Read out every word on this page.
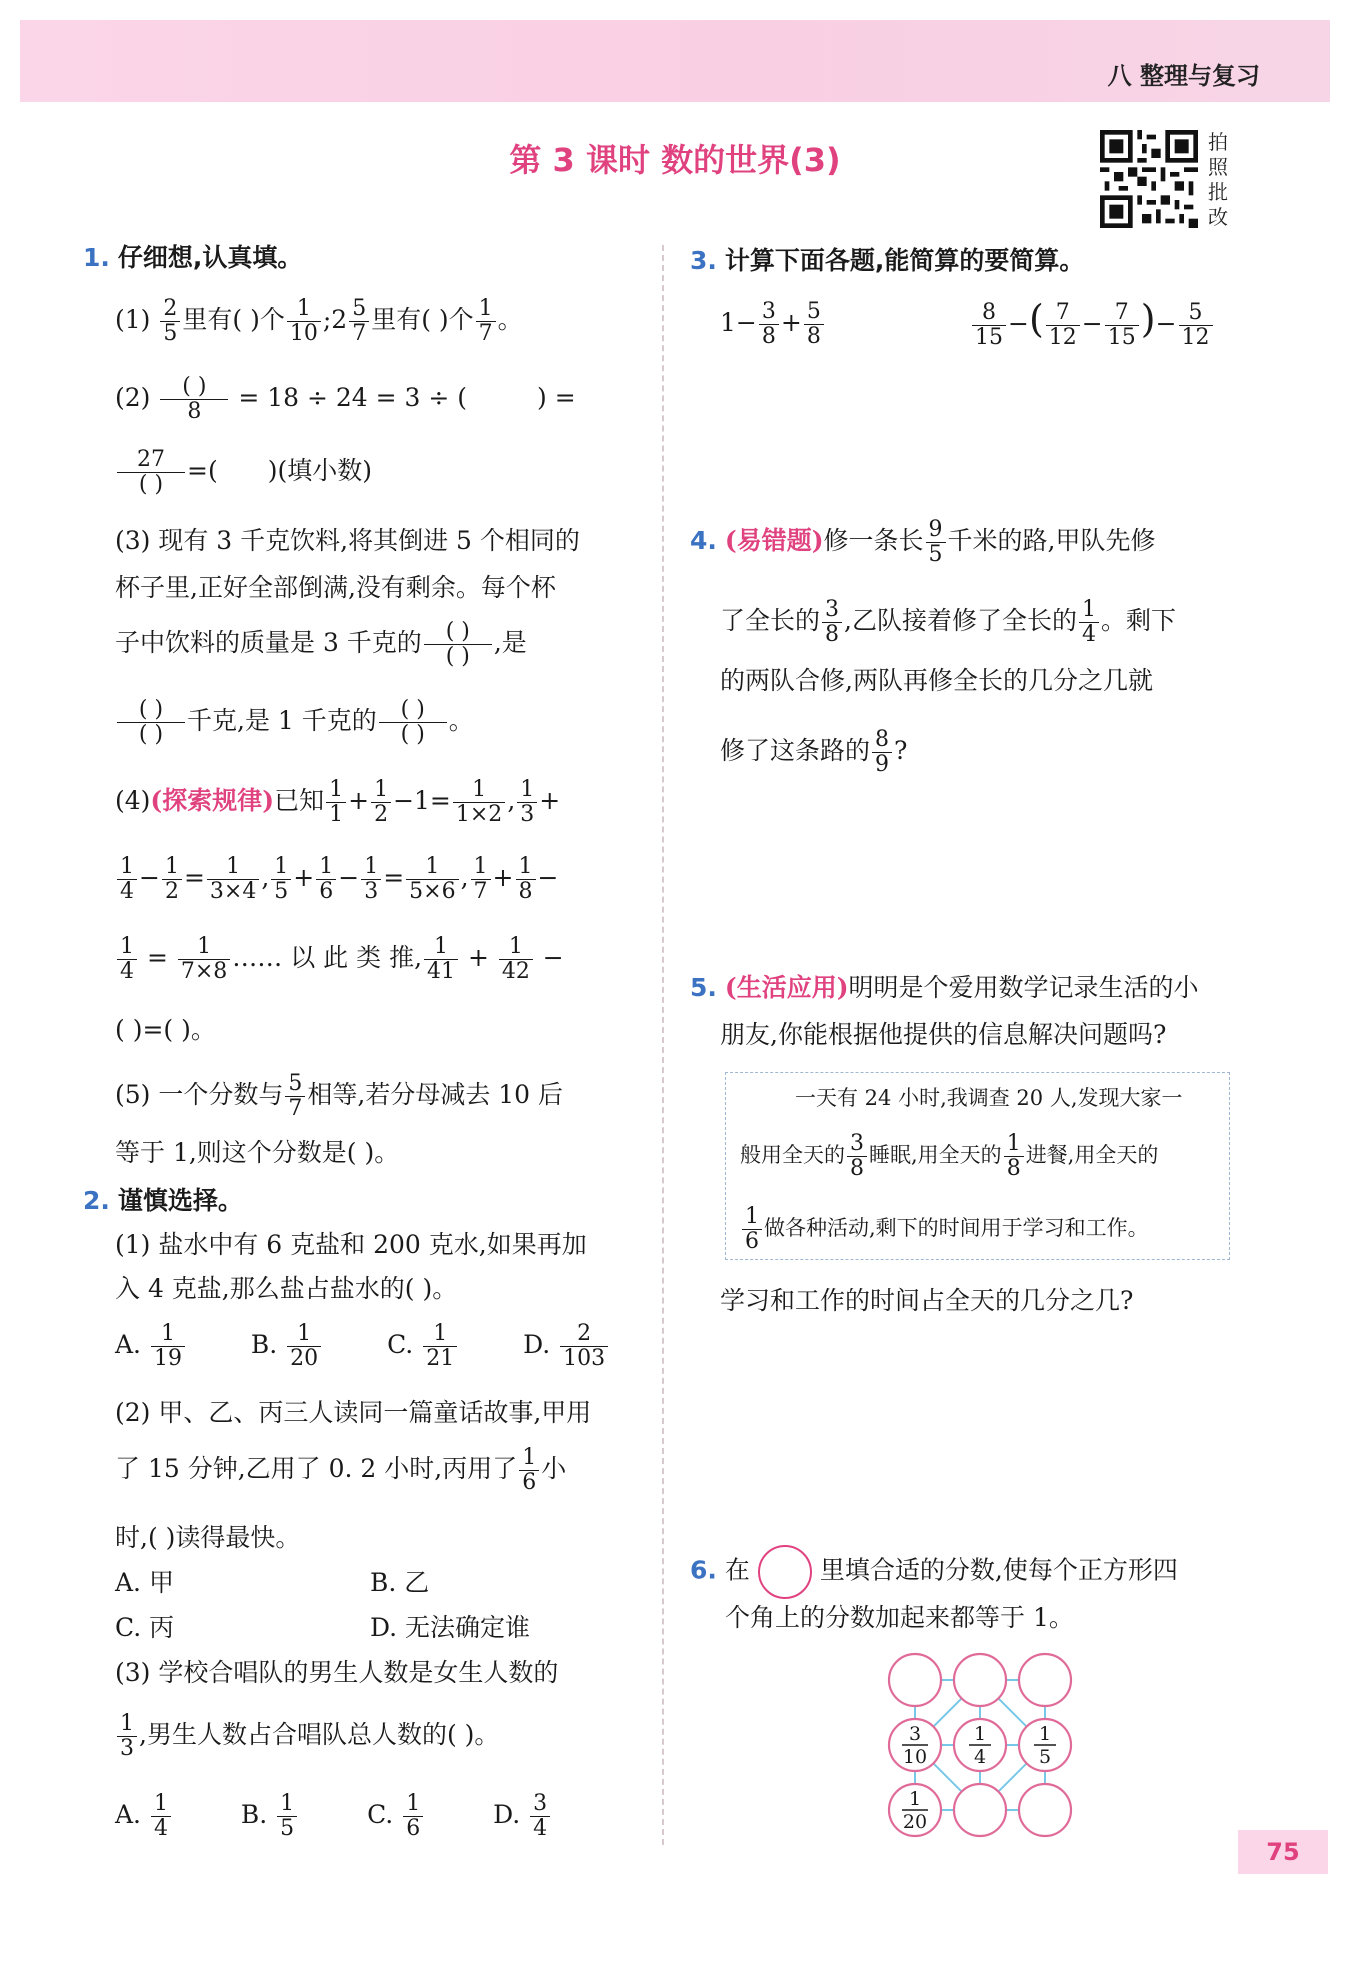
八 整理与复习
第 3 课时 数的世界(3)	拍
照
批
改
1. 仔细想,认真填。
$(1) \frac{2}{5}$ 里有( )个 $\frac{1}{10}$ ;2 $\frac{5}{7}$ 里有( )个 $\frac{1}{7}$ 。
$(2) \frac{( )}{8} = 18 \div 24 = 3$ ÷ (	) =
$\frac{27}{( )}$ =( )(填小数)
(3) 现有 3 千克饮料,将其倒进 5 个相同的
杯子里,正好全部倒满,没有剩余。每个杯
子中饮料的质量是 3 千克的 $\frac{( )}{( )}$ ,是
$\frac{( )}{( )}$ 千克,是 1 千克的 $\frac{( )}{( )}$ 。
(4)(探索规律)已知 $\frac{1}{1} + \frac{1}{2} -1= \frac{1}{1\times 2}$ , $\frac{1}{3}$ +
$\frac{1}{4} - \frac{1}{2} = \frac{1}{3\times 4}$ , $\frac{1}{5} + \frac{1}{6} - \frac{1}{3} = \frac{1}{5\times 6}$ , $\frac{1}{7} + \frac{1}{8}$ −
$\frac{1}{4} = \frac{1}{7\times 8}$ …… 以 此 类 推, $\frac{1}{41} + \frac{1}{42}$ −
( )=( )。
(5) 一个分数与 $\frac{5}{7}$ 相等,若分母减去 10 后
等于 1,则这个分数是( )。
2. 谨慎选择。
(1) 盐水中有 6 克盐和 200 克水,如果再加
入 4 克盐,那么盐占盐水的( )。
A. $\frac{1}{19}$	B. $\frac{1}{20}$	C. $\frac{1}{21}$	D. $\frac{2}{103}$
(2) 甲、乙、丙三人读同一篇童话故事,甲用
了 15 分钟,乙用了 0. 2 小时,丙用了 $\frac{1}{6}$ 小
时,( )读得最快。
A. 甲	B. 乙
C. 丙	D. 无法确定谁
(3) 学校合唱队的男生人数是女生人数的
$\frac{1}{3}$ ,男生人数占合唱队总人数的( )。
A. $\frac{1}{4}$	B. $\frac{1}{5}$	C. $\frac{1}{6}$	D. $\frac{3}{4}$
3. 计算下面各题,能简算的要简算。
$1- \frac{3}{8} + \frac{5}{8}$	$\frac{8}{15}$ −( $\frac{7}{12} - \frac{7}{15}$ )− $\frac{5}{12}$
4. (易错题)修一条长 $\frac{9}{5}$ 千米的路,甲队先修
了全长的 $\frac{3}{8}$ ,乙队接着修了全长的 $\frac{1}{4}$ 。剩下
的两队合修,两队再修全长的几分之几就
修了这条路的 $\frac{8}{9}$ ?
5. (生活应用)明明是个爱用数学记录生活的小
朋友,你能根据他提供的信息解决问题吗?
一天有 24 小时,我调查 20 人,发现大家一
般用全天的 $\frac{3}{8}$ 睡眠,用全天的 $\frac{1}{8}$ 进餐,用全天的
$\frac{1}{6}$ 做各种活动,剩下的时间用于学习和工作。
学习和工作的时间占全天的几分之几?
6. 在	里填合适的分数,使每个正方形四
个角上的分数加起来都等于 1。
3
10
1
4
1
5
1
20
75
